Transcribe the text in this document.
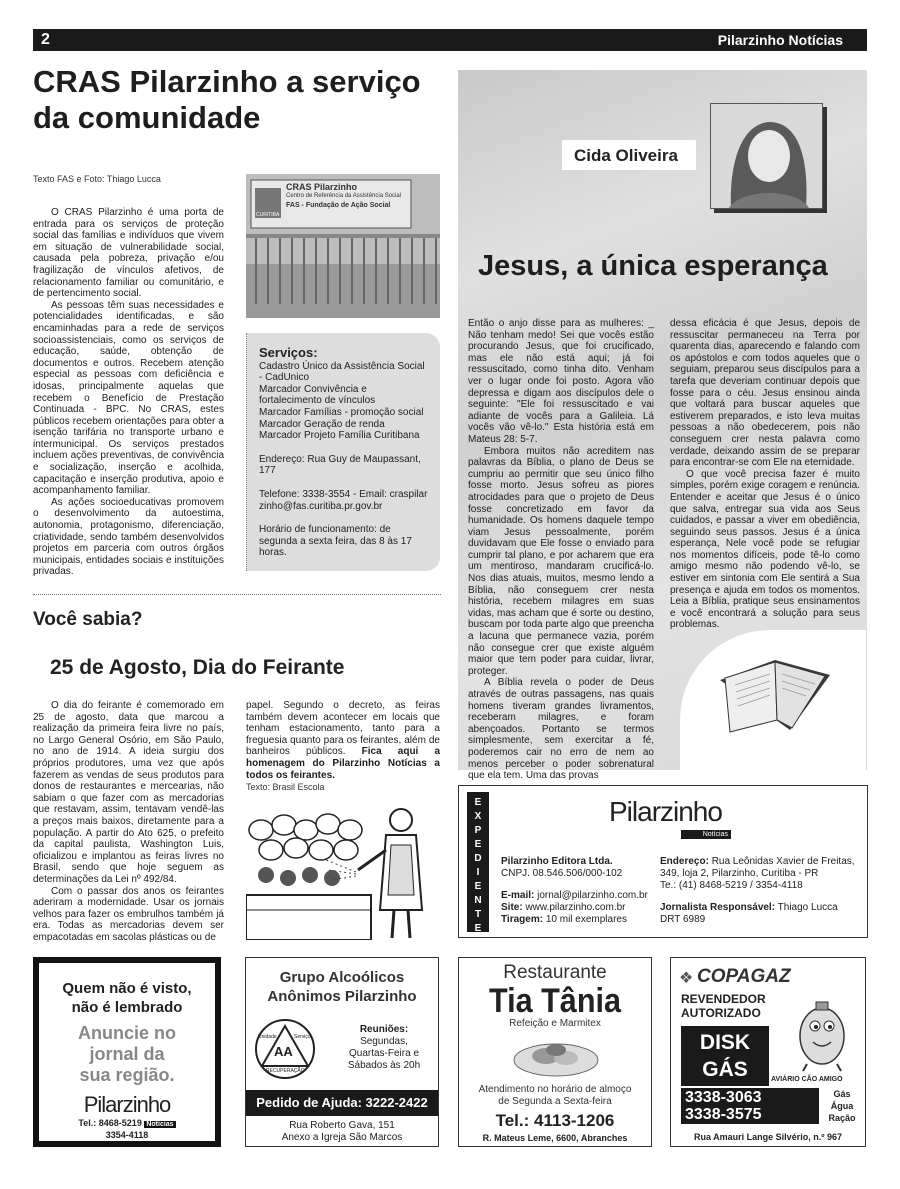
2	Pilarzinho Notícias
CRAS Pilarzinho a serviço
da comunidade
Texto FAS e Foto: Thiago Lucca
CRAS Pilarzinho
Centro de Referência da Assistência Social
FAS - Fundação de Ação Social
CURITIBA

O CRAS Pilarzinho é uma porta de entrada para os serviços de proteção social das famílias e indivíduos que vivem em situação de vulnerabilidade social, causada pela pobreza, privação e/ou fragilização de vínculos afetivos, de relacionamento familiar ou comunitário, e de pertencimento social.

As pessoas têm suas necessidades e potencialidades identificadas, e são encaminhadas para a rede de serviços socioassistenciais, como os serviços de educação, saúde, obtenção de documentos e outros. Recebem atenção especial as pessoas com deficiência e idosas, principalmente aquelas que recebem o Benefício de Prestação Continuada - BPC. No CRAS, estes públicos recebem orientações para obter a isenção tarifária no transporte urbano e intermunicipal. Os serviços prestados incluem ações preventivas, de convivência e socialização, inserção e acolhida, capacitação e inserção produtiva, apoio e acompanhamento familiar.

As ações socioeducativas promovem o desenvolvimento da autoestima, autonomia, protagonismo, diferenciação, criatividade, sendo também desenvolvidos projetos em parceria com outros órgãos municipais, entidades sociais e instituições privadas.

Serviços:
Cadastro Único da Assistência Social - CadUnico
Marcador Convivência e fortalecimento de vínculos
Marcador Famílias - promoção social
Marcador Geração de renda
Marcador Projeto Família Curitibana
Endereço: Rua Guy de Maupassant, 177
Telefone: 3338-3554 - Email: craspilarzinho@fas.curitiba.pr.gov.br
Horário de funcionamento: de segunda a sexta feira, das 8 às 17 horas.
Você sabia?
25 de Agosto, Dia do Feirante

O dia do feirante é comemorado em 25 de agosto, data que marcou a realização da primeira feira livre no país, no Largo General Osório, em São Paulo, no ano de 1914. A ideia surgiu dos próprios produtores, uma vez que após fazerem as vendas de seus produtos para donos de restaurantes e mercearias, não sabiam o que fazer com as mercadorias que restavam, assim, tentavam vendê-las a preços mais baixos, diretamente para a população. A partir do Ato 625, o prefeito da capital paulista, Washington Luis, oficializou e implantou as feiras livres no Brasil, sendo que hoje seguem as determinações da Lei nº 492/84.

Com o passar dos anos os feirantes aderiram a modernidade. Usar os jornais velhos para fazer os embrulhos também já era. Todas as mercadorias devem ser empacotadas em sacolas plásticas ou de

papel. Segundo o decreto, as feiras também devem acontecer em locais que tenham estacionamento, tanto para a freguesia quanto para os feirantes, além de banheiros públicos. Fica aqui a homenagem do Pilarzinho Notícias a todos os feirantes.

Texto: Brasil Escola
Cida Oliveira
Jesus, a única esperança

Então o anjo disse para as mulheres: _ Não tenham medo! Sei que vocês estão procurando Jesus, que foi crucificado, mas ele não está aqui; já foi ressuscitado, como tinha dito. Venham ver o lugar onde foi posto. Agora vão depressa e digam aos discípulos dele o seguinte: "Ele foi ressuscitado e vai adiante de vocês para a Galileia. Lá vocês vão vê-lo." Esta história está em Mateus 28: 5-7.

Embora muitos não acreditem nas palavras da Bíblia, o plano de Deus se cumpriu ao permitir que seu único filho fosse morto. Jesus sofreu as piores atrocidades para que o projeto de Deus fosse concretizado em favor da humanidade. Os homens daquele tempo viam Jesus pessoalmente, porém duvidavam que Ele fosse o enviado para cumprir tal plano, e por acharem que era um mentiroso, mandaram crucificá-lo. Nos dias atuais, muitos, mesmo lendo a Bíblia, não conseguem crer nesta história, recebem milagres em suas vidas, mas acham que é sorte ou destino, buscam por toda parte algo que preencha a lacuna que permanece vazia, porém não consegue crer que existe alguém maior que tem poder para cuidar, livrar, proteger.

A Bíblia revela o poder de Deus através de outras passagens, nas quais homens tiveram grandes livramentos, receberam milagres, e foram abençoados. Portanto se termos simplesmente, sem exercitar a fé, poderemos cair no erro de nem ao menos perceber o poder sobrenatural que ela tem. Uma das provas

dessa eficácia é que Jesus, depois de ressuscitar permaneceu na Terra por quarenta dias, aparecendo e falando com os apóstolos e com todos aqueles que o seguiam, preparou seus discípulos para a tarefa que deveriam continuar depois que fosse para o céu. Jesus ensinou ainda que voltará para buscar aqueles que estiverem preparados, e isto leva muitas pessoas a não obedecerem, pois não conseguem crer nesta palavra como verdade, deixando assim de se preparar para encontrar-se com Ele na eternidade.

O que você precisa fazer é muito simples, porém exige coragem e renúncia. Entender e aceitar que Jesus é o único que salva, entregar sua vida aos Seus cuidados, e passar a viver em obediência, seguindo seus passos. Jesus é a única esperança, Nele você pode se refugiar nos momentos difíceis, pode tê-lo como amigo mesmo não podendo vê-lo, se estiver em sintonia com Ele sentirá a Sua presença e ajuda em todos os momentos. Leia a Bíblia, pratique seus ensinamentos e você encontrará a solução para seus problemas.

E
X
P
E
D
I
E
N
T
E
Pilarzinho
Notícias
Pilarzinho Editora Ltda.
CNPJ. 08.546.506/000-102
E-mail: jornal@pilarzinho.com.br
Site: www.pilarzinho.com.br
Tiragem: 10 mil exemplares
Endereço: Rua Leônidas Xavier de Freitas, 349, loja 2, Pilarzinho, Curitiba - PR
Te.: (41) 8468-5219 / 3354-4118
Jornalista Responsável: Thiago Lucca
DRT 6989
Quem não é visto,
não é lembrado
Anuncie no
jornal da
sua região.
Pilarzinho
Tel.: 8468-5219 Notícias
3354-4118
Grupo Alcoólicos
Anônimos Pilarzinho
AA
Unidade	Serviço
RECUPERAÇÃO
Reuniões:
Segundas,
Quartas-Feira e
Sábados às 20h
Pedido de Ajuda: 3222-2422
Rua Roberto Gava, 151
Anexo a Igreja São Marcos
Restaurante
Tia Tânia
Refeição e Marmitex
Atendimento no horário de almoço
de Segunda a Sexta-feira
Tel.: 4113-1206
R. Mateus Leme, 6600, Abranches
COPAGAZ
❖
REVENDEDOR
AUTORIZADO
DISK
GÁS	AVIÁRIO CÃO AMIGO
3338-3063
3338-3575
Gás
Água
Ração
Rua Amauri Lange Silvério, n.º 967
